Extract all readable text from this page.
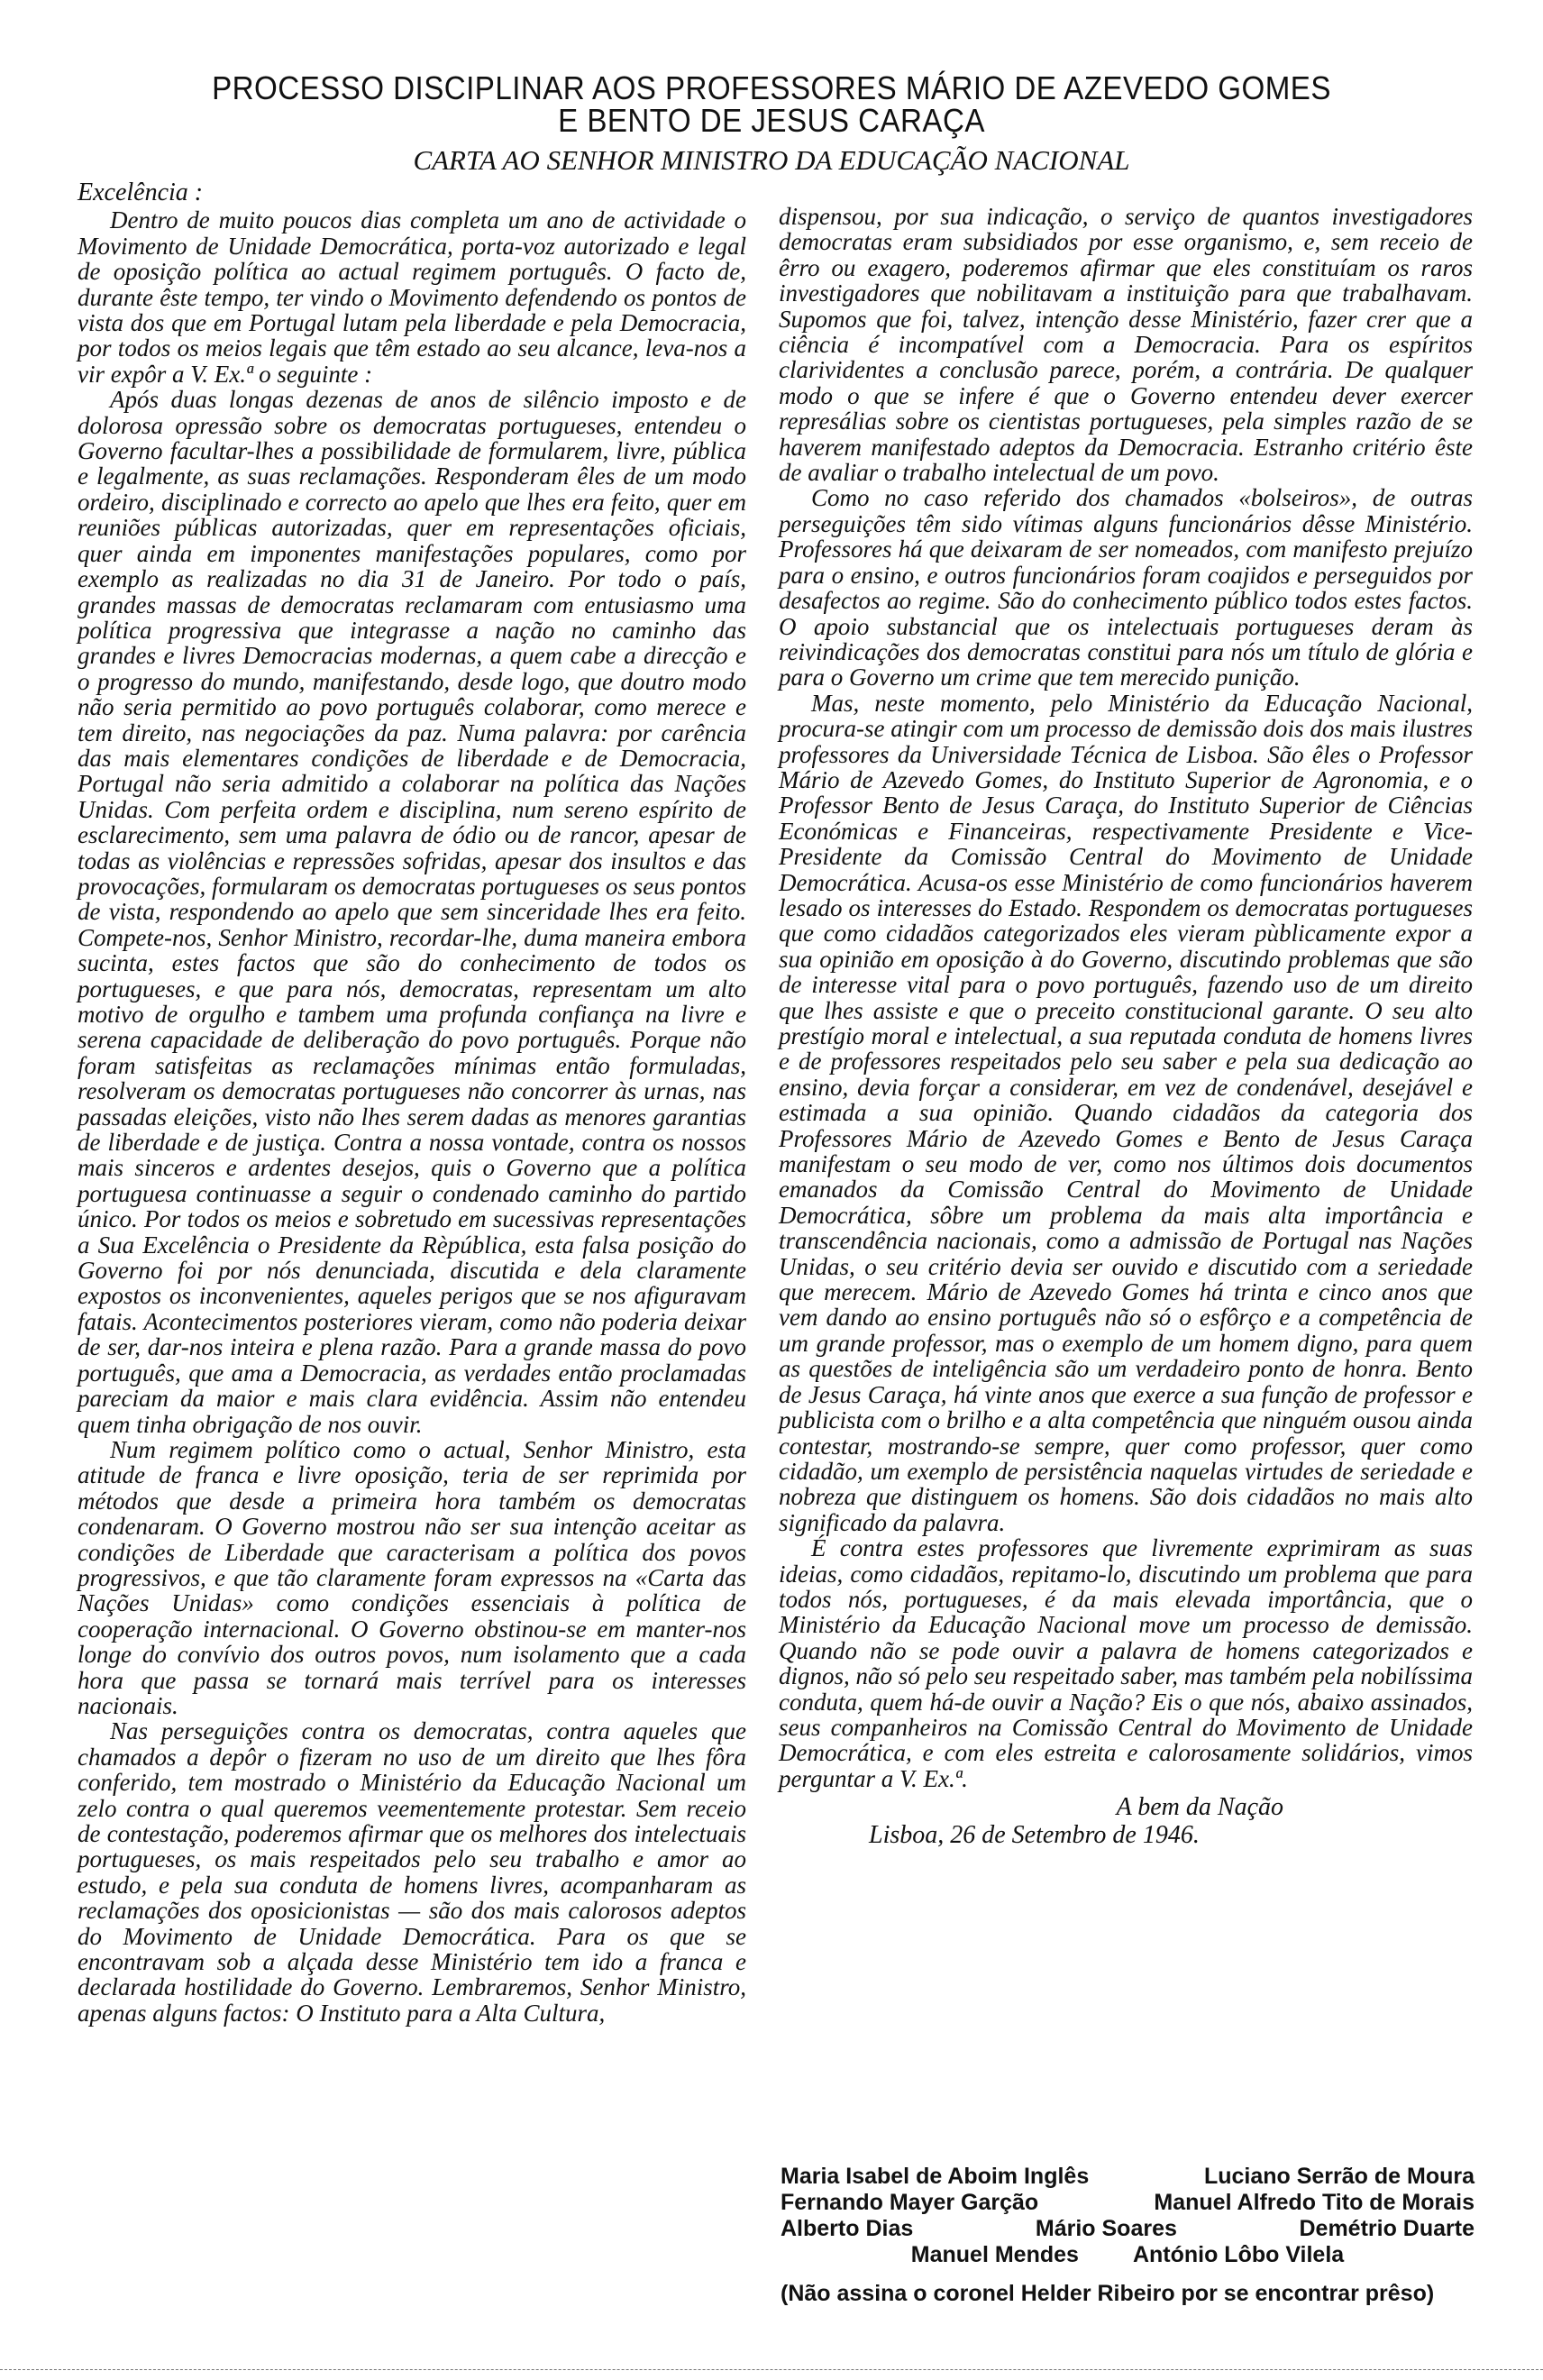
PROCESSO DISCIPLINAR AOS PROFESSORES MÁRIO DE AZEVEDO GOMES
E BENTO DE JESUS CARAÇA
CARTA AO SENHOR MINISTRO DA EDUCAÇÃO NACIONAL
Excelência :

Dentro de muito poucos dias completa um ano de actividade o Movimento de Unidade Democrática, porta-voz autorizado e legal de oposição política ao actual regimem português. O facto de, durante êste tempo, ter vindo o Movimento defendendo os pontos de vista dos que em Portugal lutam pela liberdade e pela Democracia, por todos os meios legais que têm estado ao seu alcance, leva-nos a vir expôr a V. Ex.ª o seguinte :

Após duas longas dezenas de anos de silêncio imposto e de dolorosa opressão sobre os democratas portugueses, entendeu o Governo facultar-lhes a possibilidade de formularem, livre, pública e legalmente, as suas reclamações. Responderam êles de um modo ordeiro, disciplinado e correcto ao apelo que lhes era feito, quer em reuniões públicas autorizadas, quer em representações oficiais, quer ainda em imponentes manifestações populares, como por exemplo as realizadas no dia 31 de Janeiro. Por todo o país, grandes massas de democratas reclamaram com entusiasmo uma política progressiva que integrasse a nação no caminho das grandes e livres Democracias modernas, a quem cabe a direcção e o progresso do mundo, manifestando, desde logo, que doutro modo não seria permitido ao povo português colaborar, como merece e tem direito, nas negociações da paz. Numa palavra: por carência das mais elementares condições de liberdade e de Democracia, Portugal não seria admitido a colaborar na política das Nações Unidas. Com perfeita ordem e disciplina, num sereno espírito de esclarecimento, sem uma palavra de ódio ou de rancor, apesar de todas as violências e repressões sofridas, apesar dos insultos e das provocações, formularam os democratas portugueses os seus pontos de vista, respondendo ao apelo que sem sinceridade lhes era feito. Compete-nos, Senhor Ministro, recordar-lhe, duma maneira embora sucinta, estes factos que são do conhecimento de todos os portugueses, e que para nós, democratas, representam um alto motivo de orgulho e tambem uma profunda confiança na livre e serena capacidade de deliberação do povo português. Porque não foram satisfeitas as reclamações mínimas então formuladas, resolveram os democratas portugueses não concorrer às urnas, nas passadas eleições, visto não lhes serem dadas as menores garantias de liberdade e de justiça. Contra a nossa vontade, contra os nossos mais sinceros e ardentes desejos, quis o Governo que a política portuguesa continuasse a seguir o condenado caminho do partido único. Por todos os meios e sobretudo em sucessivas representações a Sua Excelência o Presidente da Rèpública, esta falsa posição do Governo foi por nós denunciada, discutida e dela claramente expostos os inconvenientes, aqueles perigos que se nos afiguravam fatais. Acontecimentos posteriores vieram, como não poderia deixar de ser, dar-nos inteira e plena razão. Para a grande massa do povo português, que ama a Democracia, as verdades então proclamadas pareciam da maior e mais clara evidência. Assim não entendeu quem tinha obrigação de nos ouvir.

Num regimem político como o actual, Senhor Ministro, esta atitude de franca e livre oposição, teria de ser reprimida por métodos que desde a primeira hora também os democratas condenaram. O Governo mostrou não ser sua intenção aceitar as condições de Liberdade que caracterisam a política dos povos progressivos, e que tão claramente foram expressos na «Carta das Nações Unidas» como condições essenciais à política de cooperação internacional. O Governo obstinou-se em manter-nos longe do convívio dos outros povos, num isolamento que a cada hora que passa se tornará mais terrível para os interesses nacionais.

Nas perseguições contra os democratas, contra aqueles que chamados a depôr o fizeram no uso de um direito que lhes fôra conferido, tem mostrado o Ministério da Educação Nacional um zelo contra o qual queremos veementemente protestar. Sem receio de contestação, poderemos afirmar que os melhores dos intelectuais portugueses, os mais respeitados pelo seu trabalho e amor ao estudo, e pela sua conduta de homens livres, acompanharam as reclamações dos oposicionistas — são dos mais calorosos adeptos do Movimento de Unidade Democrática. Para os que se encontravam sob a alçada desse Ministério tem ido a franca e declarada hostilidade do Governo. Lembraremos, Senhor Ministro, apenas alguns factos: O Instituto para a Alta Cultura,

dispensou, por sua indicação, o serviço de quantos investigadores democratas eram subsidiados por esse organismo, e, sem receio de êrro ou exagero, poderemos afirmar que eles constituíam os raros investigadores que nobilitavam a instituição para que trabalhavam. Supomos que foi, talvez, intenção desse Ministério, fazer crer que a ciência é incompatível com a Democracia. Para os espíritos clarividentes a conclusão parece, porém, a contrária. De qualquer modo o que se infere é que o Governo entendeu dever exercer represálias sobre os cientistas portugueses, pela simples razão de se haverem manifestado adeptos da Democracia. Estranho critério êste de avaliar o trabalho intelectual de um povo.

Como no caso referido dos chamados «bolseiros», de outras perseguições têm sido vítimas alguns funcionários dêsse Ministério. Professores há que deixaram de ser nomeados, com manifesto prejuízo para o ensino, e outros funcionários foram coajidos e perseguidos por desafectos ao regime. São do conhecimento público todos estes factos. O apoio substancial que os intelectuais portugueses deram às reivindicações dos democratas constitui para nós um título de glória e para o Governo um crime que tem merecido punição.

Mas, neste momento, pelo Ministério da Educação Nacional, procura-se atingir com um processo de demissão dois dos mais ilustres professores da Universidade Técnica de Lisboa. São êles o Professor Mário de Azevedo Gomes, do Instituto Superior de Agronomia, e o Professor Bento de Jesus Caraça, do Instituto Superior de Ciências Económicas e Financeiras, respectivamente Presidente e Vice-Presidente da Comissão Central do Movimento de Unidade Democrática. Acusa-os esse Ministério de como funcionários haverem lesado os interesses do Estado. Respondem os democratas portugueses que como cidadãos categorizados eles vieram pùblicamente expor a sua opinião em oposição à do Governo, discutindo problemas que são de interesse vital para o povo português, fazendo uso de um direito que lhes assiste e que o preceito constitucional garante. O seu alto prestígio moral e intelectual, a sua reputada conduta de homens livres e de professores respeitados pelo seu saber e pela sua dedicação ao ensino, devia forçar a considerar, em vez de condenável, desejável e estimada a sua opinião. Quando cidadãos da categoria dos Professores Mário de Azevedo Gomes e Bento de Jesus Caraça manifestam o seu modo de ver, como nos últimos dois documentos emanados da Comissão Central do Movimento de Unidade Democrática, sôbre um problema da mais alta importância e transcendência nacionais, como a admissão de Portugal nas Nações Unidas, o seu critério devia ser ouvido e discutido com a seriedade que merecem. Mário de Azevedo Gomes há trinta e cinco anos que vem dando ao ensino português não só o esfôrço e a competência de um grande professor, mas o exemplo de um homem digno, para quem as questões de inteligência são um verdadeiro ponto de honra. Bento de Jesus Caraça, há vinte anos que exerce a sua função de professor e publicista com o brilho e a alta competência que ninguém ousou ainda contestar, mostrando-se sempre, quer como professor, quer como cidadão, um exemplo de persistência naquelas virtudes de seriedade e nobreza que distinguem os homens. São dois cidadãos no mais alto significado da palavra.

É contra estes professores que livremente exprimiram as suas ideias, como cidadãos, repitamo-lo, discutindo um problema que para todos nós, portugueses, é da mais elevada importância, que o Ministério da Educação Nacional move um processo de demissão. Quando não se pode ouvir a palavra de homens categorizados e dignos, não só pelo seu respeitado saber, mas também pela nobilíssima conduta, quem há-de ouvir a Nação? Eis o que nós, abaixo assinados, seus companheiros na Comissão Central do Movimento de Unidade Democrática, e com eles estreita e calorosamente solidários, vimos perguntar a V. Ex.ª.

A bem da Nação
Lisboa, 26 de Setembro de 1946.
Maria Isabel de Aboim Inglês	Luciano Serrão de Moura
Fernando Mayer Garção	Manuel Alfredo Tito de Morais
Alberto Dias	Mário Soares	Demétrio Duarte
Manuel Mendes António Lôbo Vilela
(Não assina o coronel Helder Ribeiro por se encontrar prêso)
